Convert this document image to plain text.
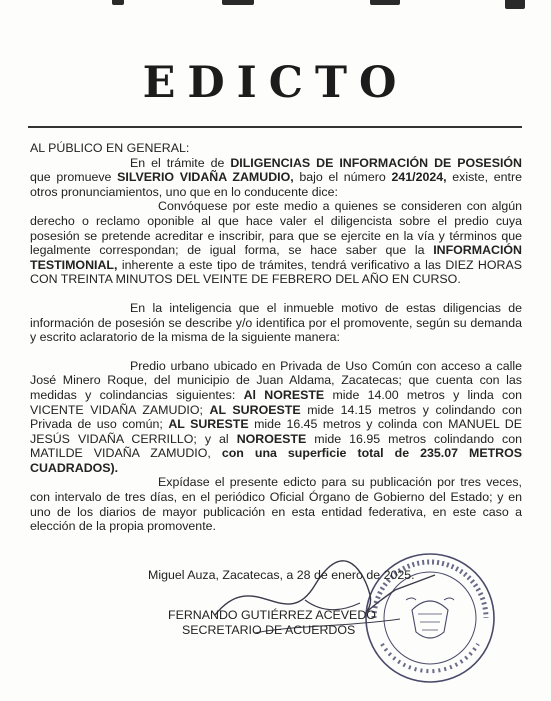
EDICTO

AL PÚBLICO EN GENERAL:

En el trámite de DILIGENCIAS DE INFORMACIÓN DE POSESIÓN que promueve SILVERIO VIDAÑA ZAMUDIO, bajo el número 241/2024, existe, entre otros pronunciamientos, uno que en lo conducente dice:

Convóquese por este medio a quienes se consideren con algún derecho o reclamo oponible al que hace valer el diligencista sobre el predio cuya posesión se pretende acreditar e inscribir, para que se ejercite en la vía y términos que legalmente correspondan; de igual forma, se hace saber que la INFORMACIÓN TESTIMONIAL, inherente a este tipo de trámites, tendrá verificativo a las DIEZ HORAS CON TREINTA MINUTOS DEL VEINTE DE FEBRERO DEL AÑO EN CURSO.

En la inteligencia que el inmueble motivo de estas diligencias de información de posesión se describe y/o identifica por el promovente, según su demanda y escrito aclaratorio de la misma de la siguiente manera:

Predio urbano ubicado en Privada de Uso Común con acceso a calle José Minero Roque, del municipio de Juan Aldama, Zacatecas; que cuenta con las medidas y colindancias siguientes: Al NORESTE mide 14.00 metros y linda con VICENTE VIDAÑA ZAMUDIO; AL SUROESTE mide 14.15 metros y colindando con Privada de uso común; AL SURESTE mide 16.45 metros y colinda con MANUEL DE JESÚS VIDAÑA CERRILLO; y al NOROESTE mide 16.95 metros colindando con MATILDE VIDAÑA ZAMUDIO, con una superficie total de 235.07 METROS CUADRADOS).

Expídase el presente edicto para su publicación por tres veces, con intervalo de tres días, en el periódico Oficial Órgano de Gobierno del Estado; y en uno de los diarios de mayor publicación en esta entidad federativa, en este caso a elección de la propia promovente.

Miguel Auza, Zacatecas, a 28 de enero de 2025.
FERNANDO GUTIÉRREZ ACEVEDO
SECRETARIO DE ACUERDOS
